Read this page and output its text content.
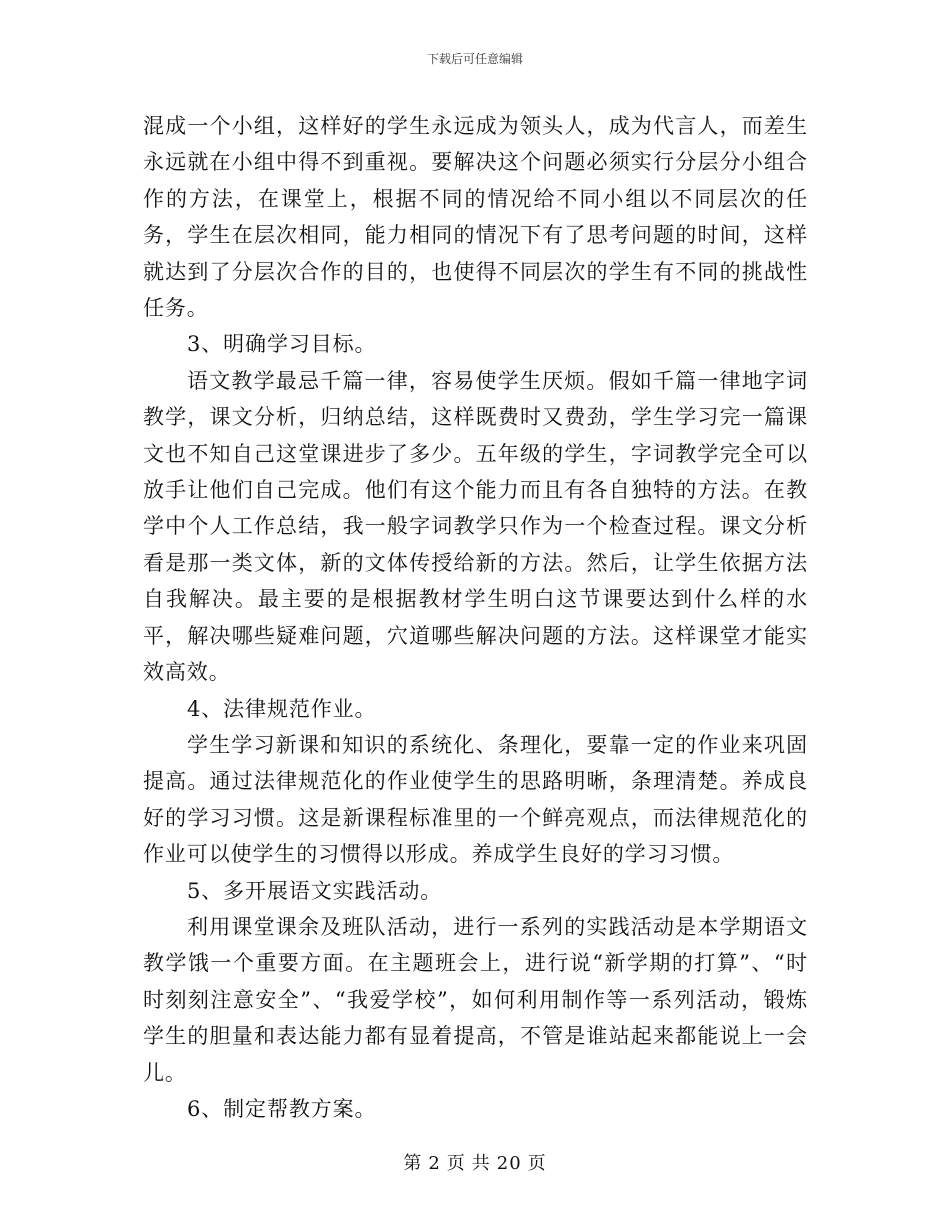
下载后可任意编辑

混成一个小组，这样好的学生永远成为领头人，成为代言人，而差生永远就在小组中得不到重视。要解决这个问题必须实行分层分小组合作的方法，在课堂上，根据不同的情况给不同小组以不同层次的任务，学生在层次相同，能力相同的情况下有了思考问题的时间，这样就达到了分层次合作的目的，也使得不同层次的学生有不同的挑战性任务。

3、明确学习目标。

语文教学最忌千篇一律，容易使学生厌烦。假如千篇一律地字词教学，课文分析，归纳总结，这样既费时又费劲，学生学习完一篇课文也不知自己这堂课进步了多少。五年级的学生，字词教学完全可以放手让他们自己完成。他们有这个能力而且有各自独特的方法。在教学中个人工作总结，我一般字词教学只作为一个检查过程。课文分析看是那一类文体，新的文体传授给新的方法。然后，让学生依据方法自我解决。最主要的是根据教材学生明白这节课要达到什么样的水平，解决哪些疑难问题，穴道哪些解决问题的方法。这样课堂才能实效高效。

4、法律规范作业。

学生学习新课和知识的系统化、条理化，要靠一定的作业来巩固提高。通过法律规范化的作业使学生的思路明晰，条理清楚。养成良好的学习习惯。这是新课程标准里的一个鲜亮观点，而法律规范化的作业可以使学生的习惯得以形成。养成学生良好的学习习惯。

5、多开展语文实践活动。

利用课堂课余及班队活动，进行一系列的实践活动是本学期语文教学饿一个重要方面。在主题班会上，进行说“新学期的打算”、“时时刻刻注意安全”、“我爱学校”，如何利用制作等一系列活动，锻炼学生的胆量和表达能力都有显着提高，不管是谁站起来都能说上一会儿。

6、制定帮教方案。

第 2 页 共 20 页
